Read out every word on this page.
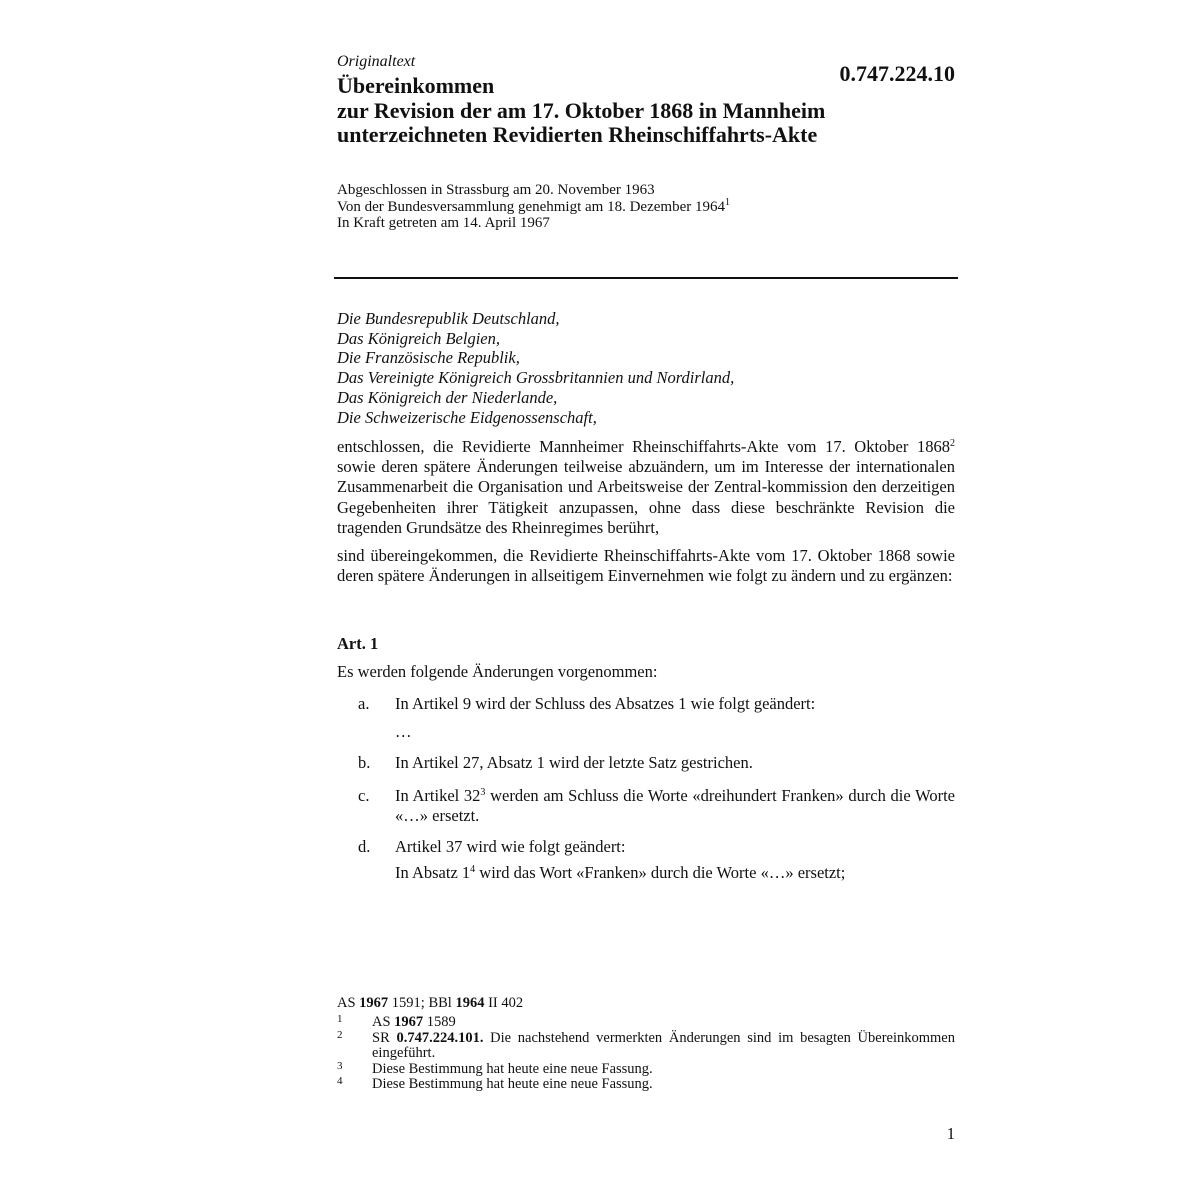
Originaltext	0.747.224.10
Übereinkommen
zur Revision der am 17. Oktober 1868 in Mannheim
unterzeichneten Revidierten Rheinschiffahrts-Akte
Abgeschlossen in Strassburg am 20. November 1963
Von der Bundesversammlung genehmigt am 18. Dezember 1964$^1$
In Kraft getreten am 14. April 1967
Die Bundesrepublik Deutschland,
Das Königreich Belgien,
Die Französische Republik,
Das Vereinigte Königreich Grossbritannien und Nordirland,
Das Königreich der Niederlande,
Die Schweizerische Eidgenossenschaft,
entschlossen, die Revidierte Mannheimer Rheinschiffahrts-Akte vom 17. Oktober 1868$^2$ sowie deren spätere Änderungen teilweise abzuändern, um im Interesse der internationalen Zusammenarbeit die Organisation und Arbeitsweise der Zentral-kommission den derzeitigen Gegebenheiten ihrer Tätigkeit anzupassen, ohne dass diese beschränkte Revision die tragenden Grundsätze des Rheinregimes berührt,
sind übereingekommen, die Revidierte Rheinschiffahrts-Akte vom 17. Oktober 1868 sowie deren spätere Änderungen in allseitigem Einvernehmen wie folgt zu ändern und zu ergänzen:
Art. 1
Es werden folgende Änderungen vorgenommen:
a. In Artikel 9 wird der Schluss des Absatzes 1 wie folgt geändert:
…
b. In Artikel 27, Absatz 1 wird der letzte Satz gestrichen.
c. In Artikel $32^3$ werden am Schluss die Worte «dreihundert Franken» durch die Worte «…» ersetzt.
d. Artikel 37 wird wie folgt geändert:
In Absatz $1^4$ wird das Wort «Franken» durch die Worte «…» ersetzt;
AS 1967 1591; BBl 1964 II 402

1 AS 1967 1589

2 SR 0.747.224.101. Die nachstehend vermerkten Änderungen sind im besagten Übereinkommen eingeführt.

3 Diese Bestimmung hat heute eine neue Fassung.

4 Diese Bestimmung hat heute eine neue Fassung.

1
